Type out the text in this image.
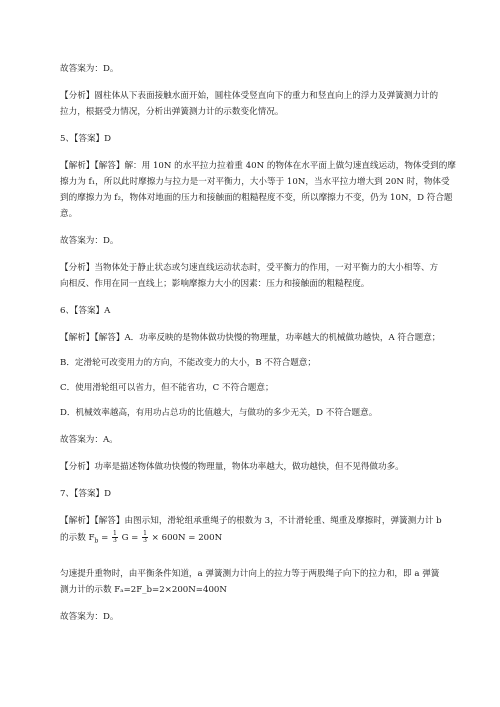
故答案为：D。
【分析】圆柱体从下表面接触水面开始，圆柱体受竖直向下的重力和竖直向上的浮力及弹簧测力计的
拉力，根据受力情况，分析出弹簧测力计的示数变化情况。
5、【答案】D
【解析】【解答】解：用 10N 的水平拉力拉着重 40N 的物体在水平面上做匀速直线运动，物体受到的摩
擦力为 f₁，所以此时摩擦力与拉力是一对平衡力，大小等于 10N，当水平拉力增大到 20N 时，物体受
到的摩擦力为 f₂，物体对地面的压力和接触面的粗糙程度不变，所以摩擦力不变，仍为 10N，D 符合题
意。
故答案为：D。
【分析】当物体处于静止状态或匀速直线运动状态时，受平衡力的作用，一对平衡力的大小相等、方
向相反、作用在同一直线上；影响摩擦力大小的因素：压力和接触面的粗糙程度。
6、【答案】A
【解析】【解答】A．功率反映的是物体做功快慢的物理量，功率越大的机械做功越快，A 符合题意；
B．定滑轮可改变用力的方向，不能改变力的大小，B 不符合题意；
C．使用滑轮组可以省力，但不能省功，C 不符合题意；
D．机械效率越高，有用功占总功的比值越大，与做功的多少无关，D 不符合题意。
故答案为：A。
【分析】功率是描述物体做功快慢的物理量，物体功率越大，做功越快，但不见得做功多。
7、【答案】D
【解析】【解答】由图示知，滑轮组承重绳子的根数为 3，不计滑轮重、绳重及摩擦时，弹簧测力计 b
的示数 $F_b = \frac{1}{3}$ $G = \frac{1}{3} \times 600N = 200N$
匀速提升重物时，由平衡条件知道，a 弹簧测力计向上的拉力等于两股绳子向下的拉力和，即 a 弹簧
测力计的示数 Fₐ=2F_b=2×200N=400N
故答案为：D。
